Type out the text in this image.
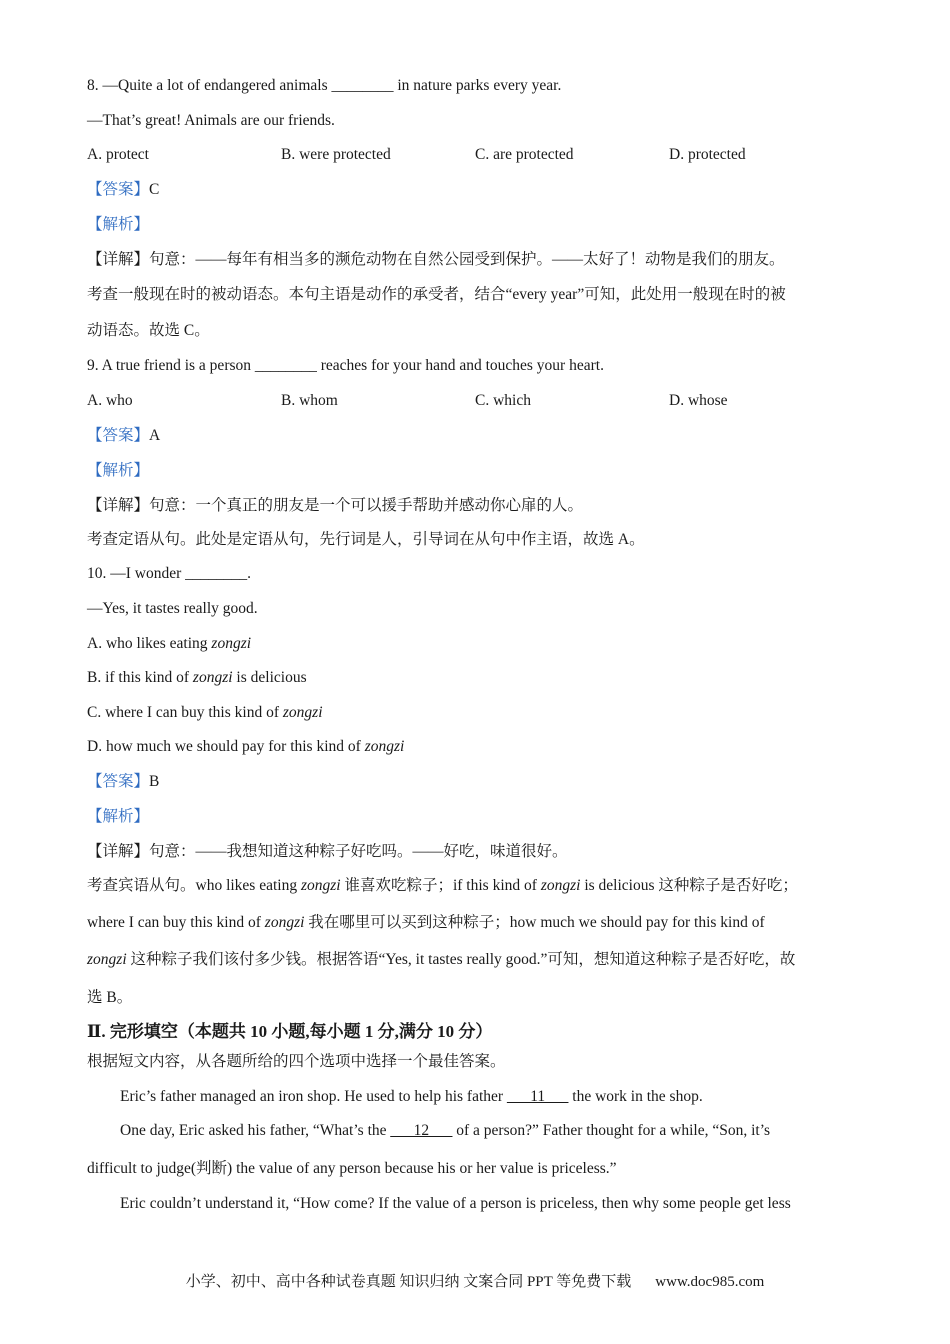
8. —Quite a lot of endangered animals ________ in nature parks every year.
—That’s great! Animals are our friends.
A. protect	B. were protected	C. are protected	D. protected
【答案】C
【解析】
【详解】句意：——每年有相当多的濒危动物在自然公园受到保护。——太好了！动物是我们的朋友。
考查一般现在时的被动语态。本句主语是动作的承受者，结合“every year”可知，此处用一般现在时的被
动语态。故选 C。
9. A true friend is a person ________ reaches for your hand and touches your heart.
A. who	B. whom	C. which	D. whose
【答案】A
【解析】
【详解】句意：一个真正的朋友是一个可以援手帮助并感动你心扉的人。
考查定语从句。此处是定语从句，先行词是人，引导词在从句中作主语，故选 A。
10. —I wonder ________.
—Yes, it tastes really good.
A. who likes eating zongzi
B. if this kind of zongzi is delicious
C. where I can buy this kind of zongzi
D. how much we should pay for this kind of zongzi
【答案】B
【解析】
【详解】句意：——我想知道这种粽子好吃吗。——好吃，味道很好。
考查宾语从句。who likes eating zongzi 谁喜欢吃粽子；if this kind of zongzi is delicious 这种粽子是否好吃；
where I can buy this kind of zongzi 我在哪里可以买到这种粽子；how much we should pay for this kind of
zongzi 这种粽子我们该付多少钱。根据答语“Yes, it tastes really good.”可知，想知道这种粽子是否好吃，故
选 B。
Ⅱ. 完形填空（本题共 10 小题,每小题 1 分,满分 10 分）
根据短文内容，从各题所给的四个选项中选择一个最佳答案。
Eric’s father managed an iron shop. He used to help his father ___11___ the work in the shop.
One day, Eric asked his father, “What’s the ___12___ of a person?” Father thought for a while, “Son, it’s
difficult to judge(判断) the value of any person because his or her value is priceless.”
Eric couldn’t understand it, “How come? If the value of a person is priceless, then why some people get less
小学、初中、高中各种试卷真题 知识归纳 文案合同 PPT 等免费下载 www.doc985.com
